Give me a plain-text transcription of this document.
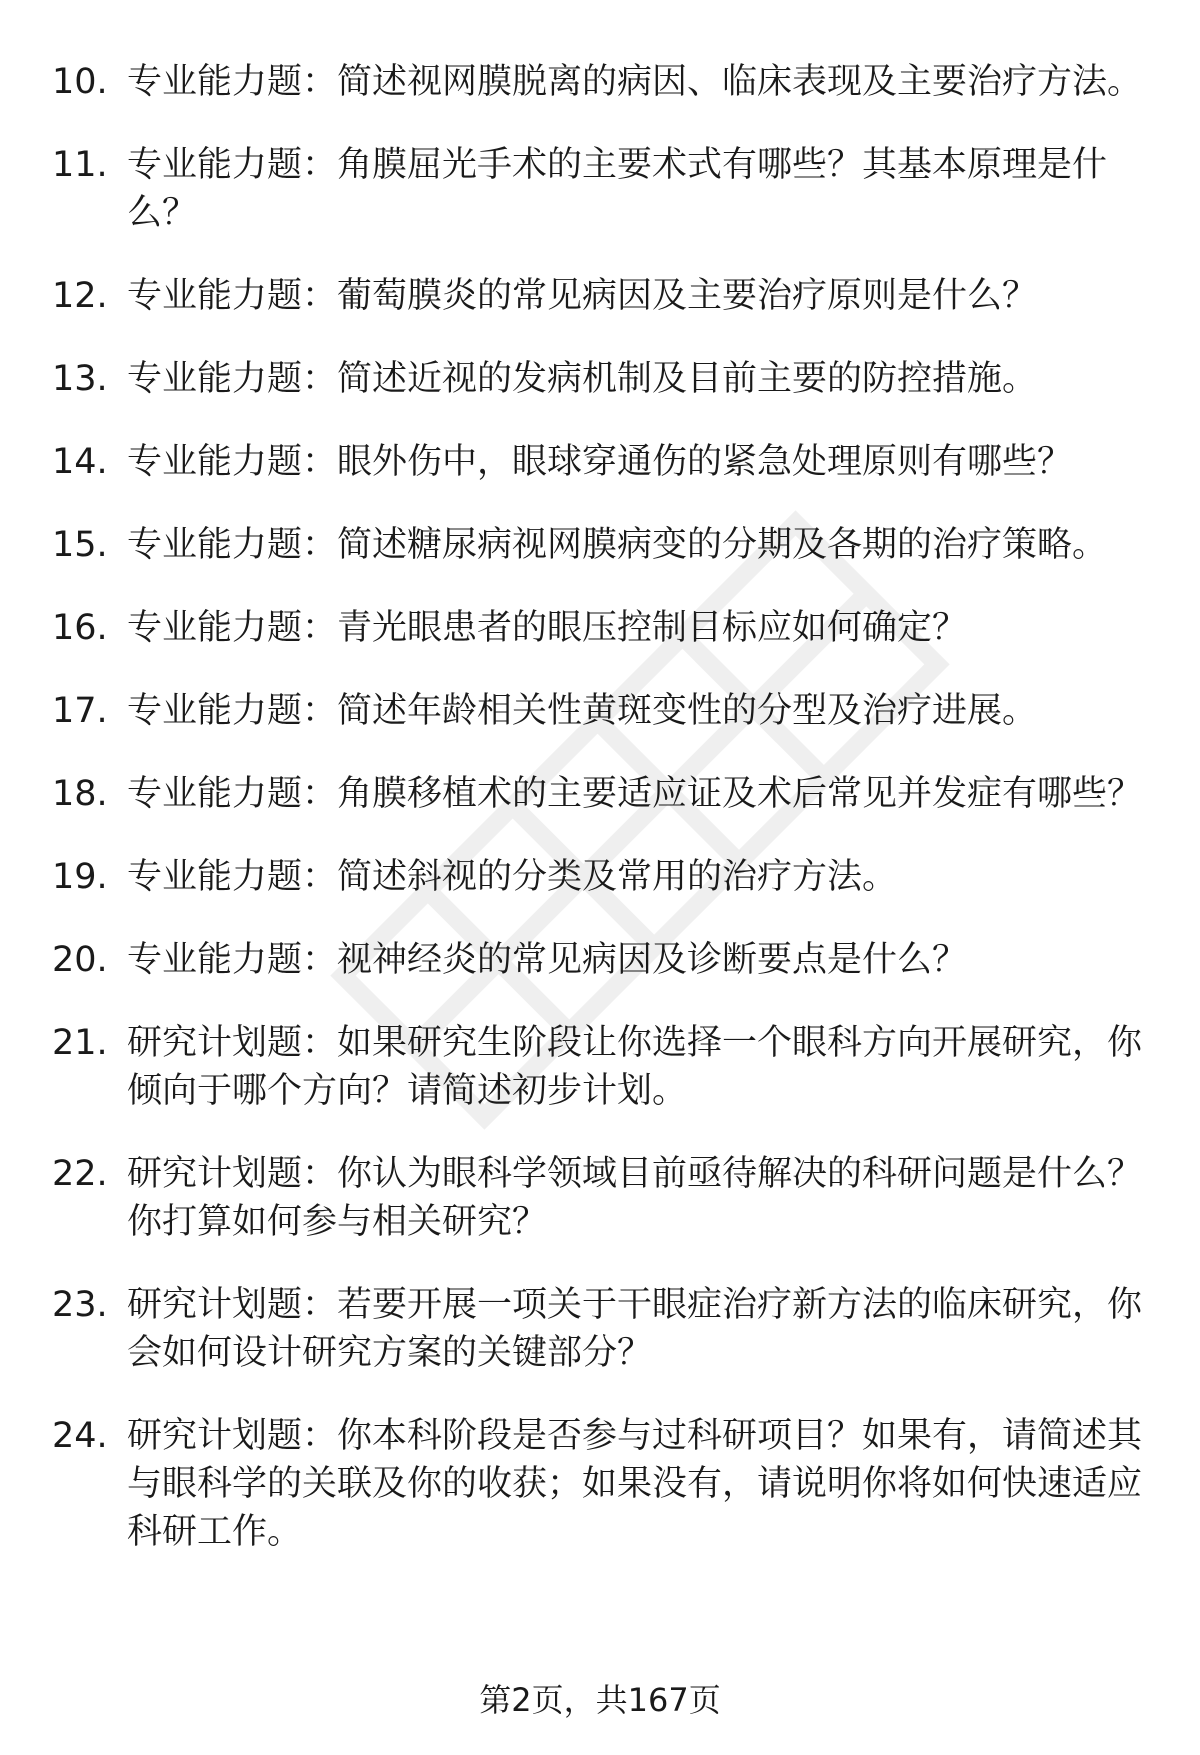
10. 专业能力题：简述视网膜脱离的病因、临床表现及主要治疗方法。
11. 专业能力题：角膜屈光手术的主要术式有哪些？其基本原理是什么？
12. 专业能力题：葡萄膜炎的常见病因及主要治疗原则是什么？
13. 专业能力题：简述近视的发病机制及目前主要的防控措施。
14. 专业能力题：眼外伤中，眼球穿通伤的紧急处理原则有哪些？
15. 专业能力题：简述糖尿病视网膜病变的分期及各期的治疗策略。
16. 专业能力题：青光眼患者的眼压控制目标应如何确定？
17. 专业能力题：简述年龄相关性黄斑变性的分型及治疗进展。
18. 专业能力题：角膜移植术的主要适应证及术后常见并发症有哪些？
19. 专业能力题：简述斜视的分类及常用的治疗方法。
20. 专业能力题：视神经炎的常见病因及诊断要点是什么？
21. 研究计划题：如果研究生阶段让你选择一个眼科方向开展研究，你倾向于哪个方向？请简述初步计划。
22. 研究计划题：你认为眼科学领域目前亟待解决的科研问题是什么？你打算如何参与相关研究？
23. 研究计划题：若要开展一项关于干眼症治疗新方法的临床研究，你会如何设计研究方案的关键部分？
24. 研究计划题：你本科阶段是否参与过科研项目？如果有，请简述其与眼科学的关联及你的收获；如果没有，请说明你将如何快速适应科研工作。
第2页，共167页
